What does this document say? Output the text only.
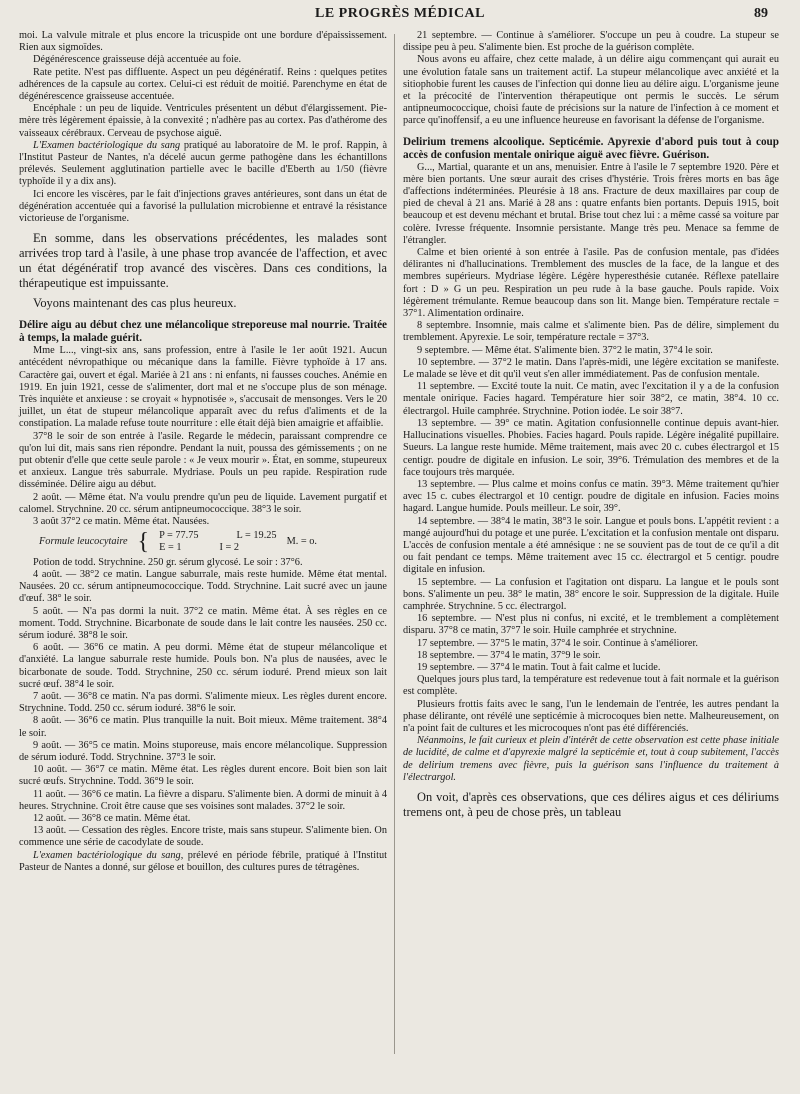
LE PROGRÈS MÉDICAL	89

moi. La valvule mitrale et plus encore la tricuspide ont une bordure d'épaississement. Rien aux sigmoïdes.

Dégénérescence graisseuse déjà accentuée au foie.

Rate petite. N'est pas diffluente. Aspect un peu dégénératif. Reins : quelques petites adhérences de la capsule au cortex. Celui-ci est réduit de moitié. Parenchyme en état de dégénérescence graisseuse accentuée.

Encéphale : un peu de liquide. Ventricules présentent un début d'élargissement. Pie-mère très légèrement épaissie, à la convexité ; n'adhère pas au cortex. Pas d'athérome des vaisseaux cérébraux. Cerveau de psychose aiguë.

L'Examen bactériologique du sang pratiqué au laboratoire de M. le prof. Rappin, à l'Institut Pasteur de Nantes, n'a décelé aucun germe pathogène dans les échantillons prélevés. Seulement agglutination partielle avec le bacille d'Eberth au 1/50 (fièvre typhoïde il y a dix ans).

Ici encore les viscères, par le fait d'injections graves antérieures, sont dans un état de dégénération accentuée qui a favorisé la pullulation microbienne et entravé la résistance victorieuse de l'organisme.

En somme, dans les observations précédentes, les malades sont arrivées trop tard à l'asile, à une phase trop avancée de l'affection, et avec un état dégénératif trop avancé des viscères. Dans ces conditions, la thérapeutique est impuissante.

Voyons maintenant des cas plus heureux.

Délire aigu au début chez une mélancolique streporeuse mal nourrie. Traitée à temps, la malade guérit.

Mme L..., vingt-six ans, sans profession, entre à l'asile le 1er août 1921. Aucun antécédent névropathique ou mécanique dans la famille. Fièvre typhoïde à 17 ans. Caractère gai, ouvert et égal. Mariée à 21 ans : ni enfants, ni fausses couches. Anémie en 1919. En juin 1921, cesse de s'alimenter, dort mal et ne s'occupe plus de son ménage. Très inquiète et anxieuse : se croyait « hypnotisée », s'accusait de mensonges. Vers le 20 juillet, un état de stupeur mélancolique apparaît avec du refus d'aliments et de la constipation. La malade refuse toute nourriture : elle était déjà bien amaigrie et affaiblie.

37°8 le soir de son entrée à l'asile. Regarde le médecin, paraissant comprendre ce qu'on lui dit, mais sans rien répondre. Pendant la nuit, poussa des gémissements ; on ne put obtenir d'elle que cette seule parole : « Je veux mourir ». État, en somme, stupeureux et anxieux. Langue très saburrale. Mydriase. Pouls un peu rapide. Respiration rude disséminée. Délire aigu au début.

2 août. — Même état. N'a voulu prendre qu'un peu de liquide. Lavement purgatif et calomel. Strychnine. 20 cc. sérum antipneumococcique. 38°3 le soir.

3 août 37°2 ce matin. Même état. Nausées.

Formule leucocytaire { P = 77.75	L = 19.25
E = 1	I = 2
M. = o.

Potion de todd. Strychnine. 250 gr. sérum glycosé. Le soir : 37°6.

4 août. — 38°2 ce matin. Langue saburrale, mais reste humide. Même état mental. Nausées. 20 cc. sérum antipneumococcique. Todd. Strychnine. Lait sucré avec un jaune d'œuf. 38° le soir.

5 août. — N'a pas dormi la nuit. 37°2 ce matin. Même état. À ses règles en ce moment. Todd. Strychnine. Bicarbonate de soude dans le lait contre les nausées. 250 cc. sérum ioduré. 38°8 le soir.

6 août. — 36°6 ce matin. A peu dormi. Même état de stupeur mélancolique et d'anxiété. La langue saburrale reste humide. Pouls bon. N'a plus de nausées, avec le bicarbonate de soude. Todd. Strychnine, 250 cc. sérum ioduré. Prend mieux son lait sucré œuf. 38°4 le soir.

7 août. — 36°8 ce matin. N'a pas dormi. S'alimente mieux. Les règles durent encore. Strychnine. Todd. 250 cc. sérum ioduré. 38°6 le soir.

8 août. — 36°6 ce matin. Plus tranquille la nuit. Boit mieux. Même traitement. 38°4 le soir.

9 août. — 36°5 ce matin. Moins stuporeuse, mais encore mélancolique. Suppression de sérum ioduré. Todd. Strychnine. 37°3 le soir.

10 août. — 36°7 ce matin. Même état. Les règles durent encore. Boit bien son lait sucré œufs. Strychnine. Todd. 36°9 le soir.

11 août. — 36°6 ce matin. La fièvre a disparu. S'alimente bien. A dormi de minuit à 4 heures. Strychnine. Croit être cause que ses voisines sont malades. 37°2 le soir.

12 août. — 36°8 ce matin. Même état.

13 août. — Cessation des règles. Encore triste, mais sans stupeur. S'alimente bien. On commence une série de cacodylate de soude.

L'examen bactériologique du sang, prélevé en période fébrile, pratiqué à l'Institut Pasteur de Nantes a donné, sur gélose et bouillon, des cultures pures de tétragènes.

21 septembre. — Continue à s'améliorer. S'occupe un peu à coudre. La stupeur se dissipe peu à peu. S'alimente bien. Est proche de la guérison complète.

Nous avons eu affaire, chez cette malade, à un délire aigu commençant qui aurait eu une évolution fatale sans un traitement actif. La stupeur mélancolique avec anxiété et la sitiophobie furent les causes de l'infection qui donne lieu au délire aigu. L'organisme jeune et la précocité de l'intervention thérapeutique ont permis le succès. Le sérum antipneumococcique, choisi faute de précisions sur la nature de l'infection à ce moment et parce qu'inoffensif, a eu une influence heureuse en favorisant la défense de l'organisme.

Delirium tremens alcoolique. Septicémie. Apyrexie d'abord puis tout à coup accès de confusion mentale onirique aiguë avec fièvre. Guérison.

G..., Martial, quarante et un ans, menuisier. Entre à l'asile le 7 septembre 1920. Père et mère bien portants. Une sœur aurait des crises d'hystérie. Trois frères morts en bas âge d'affections indéterminées. Pleurésie à 18 ans. Fracture de deux maxillaires par coup de pied de cheval à 21 ans. Marié à 28 ans : quatre enfants bien portants. Depuis 1915, boit beaucoup et est devenu méchant et brutal. Brise tout chez lui : a même cassé sa voiture par colère. Ivresse fréquente. Insomnie persistante. Mange très peu. Menace sa femme de l'étrangler.

Calme et bien orienté à son entrée à l'asile. Pas de confusion mentale, pas d'idées délirantes ni d'hallucinations. Tremblement des muscles de la face, de la langue et des membres supérieurs. Mydriase légère. Légère hyperesthésie cutanée. Réflexe patellaire fort : D » G un peu. Respiration un peu rude à la base gauche. Pouls rapide. Voix légèrement trémulante. Remue beaucoup dans son lit. Mange bien. Température rectale = 37°1. Alimentation ordinaire.

8 septembre. Insomnie, mais calme et s'alimente bien. Pas de délire, simplement du tremblement. Apyrexie. Le soir, température rectale = 37°3.

9 septembre. — Même état. S'alimente bien. 37°2 le matin, 37°4 le soir.

10 septembre. — 37°2 le matin. Dans l'après-midi, une légère excitation se manifeste. Le malade se lève et dit qu'il veut s'en aller immédiatement. Pas de confusion mentale.

11 septembre. — Excité toute la nuit. Ce matin, avec l'excitation il y a de la confusion mentale onirique. Facies hagard. Température hier soir 38°2, ce matin, 38°4. 10 cc. électrargol. Huile camphrée. Strychnine. Potion iodée. Le soir 38°7.

13 septembre. — 39° ce matin. Agitation confusionnelle continue depuis avant-hier. Hallucinations visuelles. Phobies. Facies hagard. Pouls rapide. Légère inégalité pupillaire. Sueurs. La langue reste humide. Même traitement, mais avec 20 c. cubes électrargol et 15 centigr. poudre de digitale en infusion. Le soir, 39°6. Trémulation des membres et de la face toujours très marquée.

13 septembre. — Plus calme et moins confus ce matin. 39°3. Même traitement qu'hier avec 15 c. cubes électrargol et 10 centigr. poudre de digitale en infusion. Facies moins hagard. Langue humide. Pouls meilleur. Le soir, 39°.

14 septembre. — 38°4 le matin, 38°3 le soir. Langue et pouls bons. L'appétit revient : a mangé aujourd'hui du potage et une purée. L'excitation et la confusion mentale ont disparu. L'accès de confusion mentale a été amnésique : ne se souvient pas de tout de ce qu'il a dit ou fait pendant ce temps. Même traitement avec 15 cc. électrargol et 5 centigr. poudre digitale en infusion.

15 septembre. — La confusion et l'agitation ont disparu. La langue et le pouls sont bons. S'alimente un peu. 38° le matin, 38° encore le soir. Suppression de la digitale. Huile camphrée. Strychnine. 5 cc. électrargol.

16 septembre. — N'est plus ni confus, ni excité, et le tremblement a complètement disparu. 37°8 ce matin, 37°7 le soir. Huile camphrée et strychnine.

17 septembre. — 37°5 le matin, 37°4 le soir. Continue à s'améliorer.

18 septembre. — 37°4 le matin, 37°9 le soir.

19 septembre. — 37°4 le matin. Tout à fait calme et lucide.

Quelques jours plus tard, la température est redevenue tout à fait normale et la guérison est complète.

Plusieurs frottis faits avec le sang, l'un le lendemain de l'entrée, les autres pendant la phase délirante, ont révélé une septicémie à microcoques bien nette. Malheureusement, on n'a point fait de cultures et les microcoques n'ont pas été différenciés.

Néanmoins, le fait curieux et plein d'intérêt de cette observation est cette phase initiale de lucidité, de calme et d'apyrexie malgré la septicémie et, tout à coup subitement, l'accès de delirium tremens avec fièvre, puis la guérison sans l'influence du traitement à l'électrargol.

On voit, d'après ces observations, que ces délires aigus et ces déliriums tremens ont, à peu de chose près, un tableau
